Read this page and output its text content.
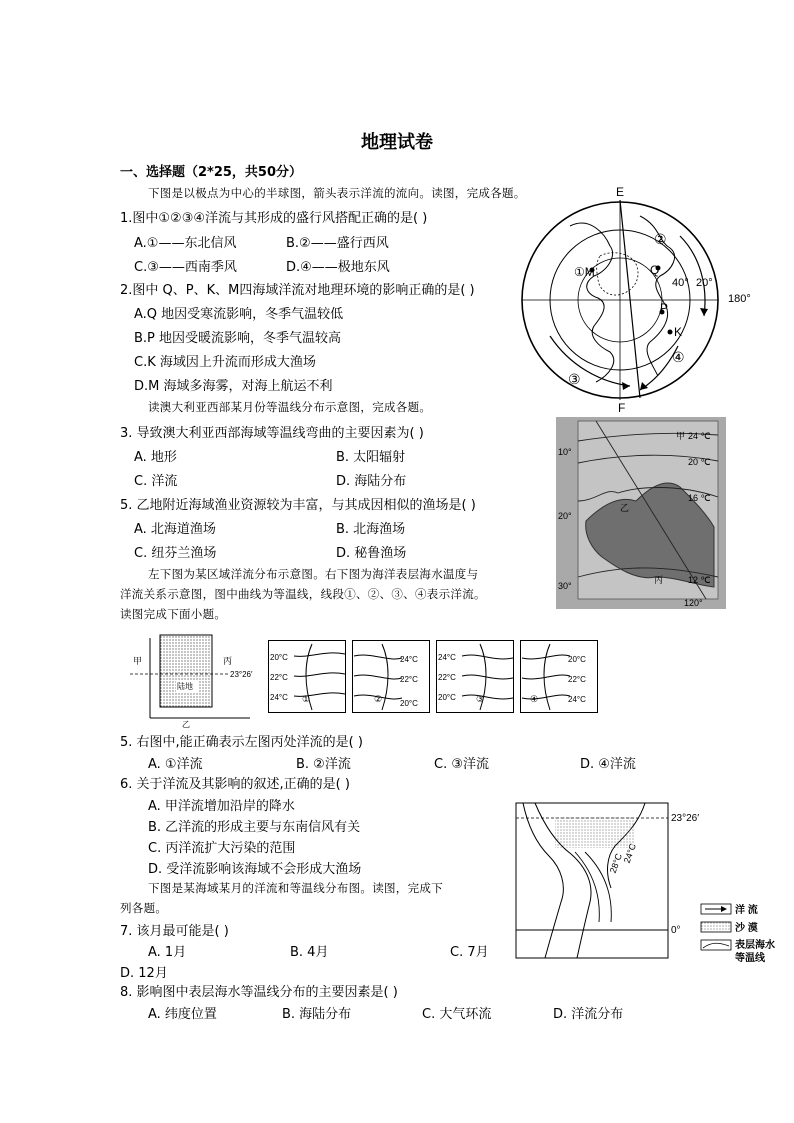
地理试卷
一、选择题（2*25，共50分）
下图是以极点为中心的半球图，箭头表示洋流的流向。读图，完成各题。
1.图中①②③④洋流与其形成的盛行风搭配正确的是( )
A.①——东北信风	B.②——盛行西风
C.③——西南季风	D.④——极地东风
2.图中 Q、P、K、M四海域洋流对地理环境的影响正确的是( )
A.Q 地因受寒流影响，冬季气温较低
B.P 地因受暖流影响，冬季气温较高
C.K 海域因上升流而形成大渔场
D.M 海域多海雾，对海上航运不利
读澳大利亚西部某月份等温线分布示意图，完成各题。
3. 导致澳大利亚西部海域等温线弯曲的主要因素为( )
A. 地形	B. 太阳辐射
C. 洋流	D. 海陆分布
5. 乙地附近海域渔业资源较为丰富，与其成因相似的渔场是( )
A. 北海道渔场	B. 北海渔场
C. 纽芬兰渔场	D. 秘鲁渔场
左下图为某区域洋流分布示意图。右下图为海洋表层海水温度与
洋流关系示意图，图中曲线为等温线，线段①、②、③、④表示洋流。
读图完成下面小题。
E
F
①M	Q
P
K
②
③
④
40° 20°
180°
10°
20°
30°
甲 24 ℃
20 ℃
16 ℃
乙
丙	12 ℃
120°
甲	丙
陆地
23°26′
乙
20°C
22°C
24°C ①
24°C
22°C
20°C
②
24°C
22°C
20°C ③
20°C
22°C
24°C
④
5. 右图中,能正确表示左图丙处洋流的是( )
A. ①洋流	B. ②洋流	C. ③洋流	D. ④洋流
6. 关于洋流及其影响的叙述,正确的是( )
A. 甲洋流增加沿岸的降水
B. 乙洋流的形成主要与东南信风有关
C. 丙洋流扩大污染的范围
D. 受洋流影响该海域不会形成大渔场
下图是某海域某月的洋流和等温线分布图。读图，完成下
列各题。
7. 该月最可能是( )
A. 1月	B. 4月	C. 7月
D. 12月
8. 影响图中表层海水等温线分布的主要因素是( )
A. 纬度位置	B. 海陆分布	C. 大气环流	D. 洋流分布
23°26′
0°
28°C
24°C
洋 流
沙 漠
表层海水
等温线
